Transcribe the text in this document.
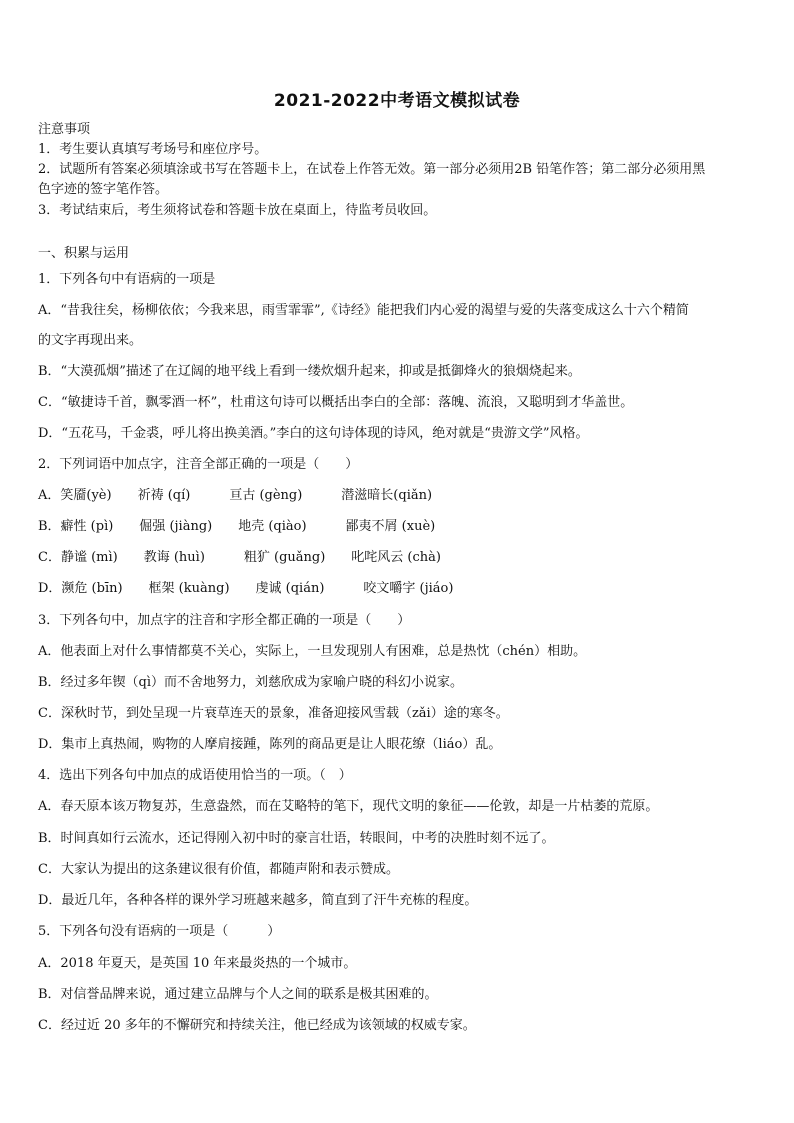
2021-2022中考语文模拟试卷

注意事项

1．考生要认真填写考场号和座位序号。

2．试题所有答案必须填涂或书写在答题卡上，在试卷上作答无效。第一部分必须用2B 铅笔作答；第二部分必须用黑

色字迹的签字笔作答。

3．考试结束后，考生须将试卷和答题卡放在桌面上，待监考员收回。

一、积累与运用

1．下列各句中有语病的一项是

A．“昔我往矣，杨柳依依；今我来思，雨雪霏霏”,《诗经》能把我们内心爱的渴望与爱的失落变成这么十六个精简

的文字再现出来。

B．“大漠孤烟”描述了在辽阔的地平线上看到一缕炊烟升起来，抑或是抵御烽火的狼烟烧起来。

C．“敏捷诗千首，飘零酒一杯”，杜甫这句诗可以概括出李白的全部：落魄、流浪，又聪明到才华盖世。

D．“五花马，千金裘，呼儿将出换美酒。”李白的这句诗体现的诗风，绝对就是“贵游文学”风格。

2．下列词语中加点字，注音全部正确的一项是（　　）

A．笑靥(yè)　　祈祷 (qí)　　　亘古 (gèng)　　　潜滋暗长(qiǎn)

B．癖性 (pì)　　倔强 (jiàng)　　地壳 (qiào)　　　鄙夷不屑 (xuè)

C．静谧 (mì)　　教诲 (huì)　　　粗犷 (guǎng)　　叱咤风云 (chà)

D．濒危 (bīn)　　框架 (kuàng)　　虔诚 (qián)　　　咬文嚼字 (jiáo)

3．下列各句中，加点字的注音和字形全都正确的一项是（　　）

A．他表面上对什么事情都莫不关心，实际上，一旦发现别人有困难，总是热忱（chén）相助。

B．经过多年锲（qì）而不舍地努力，刘慈欣成为家喻户晓的科幻小说家。

C．深秋时节，到处呈现一片衰草连天的景象，准备迎接风雪载（zǎi）途的寒冬。

D．集市上真热闹，购物的人摩肩接踵，陈列的商品更是让人眼花缭（liáo）乱。

4．选出下列各句中加点的成语使用恰当的一项。（　）

A．春天原本该万物复苏，生意盎然，而在艾略特的笔下，现代文明的象征——伦敦，却是一片枯萎的荒原。

B．时间真如行云流水，还记得刚入初中时的豪言壮语，转眼间，中考的决胜时刻不远了。

C．大家认为提出的这条建议很有价值，都随声附和表示赞成。

D．最近几年，各种各样的课外学习班越来越多，简直到了汗牛充栋的程度。

5．下列各句没有语病的一项是（　　　）

A．2018 年夏天，是英国 10 年来最炎热的一个城市。

B．对信誉品牌来说，通过建立品牌与个人之间的联系是极其困难的。

C．经过近 20 多年的不懈研究和持续关注，他已经成为该领域的权威专家。
